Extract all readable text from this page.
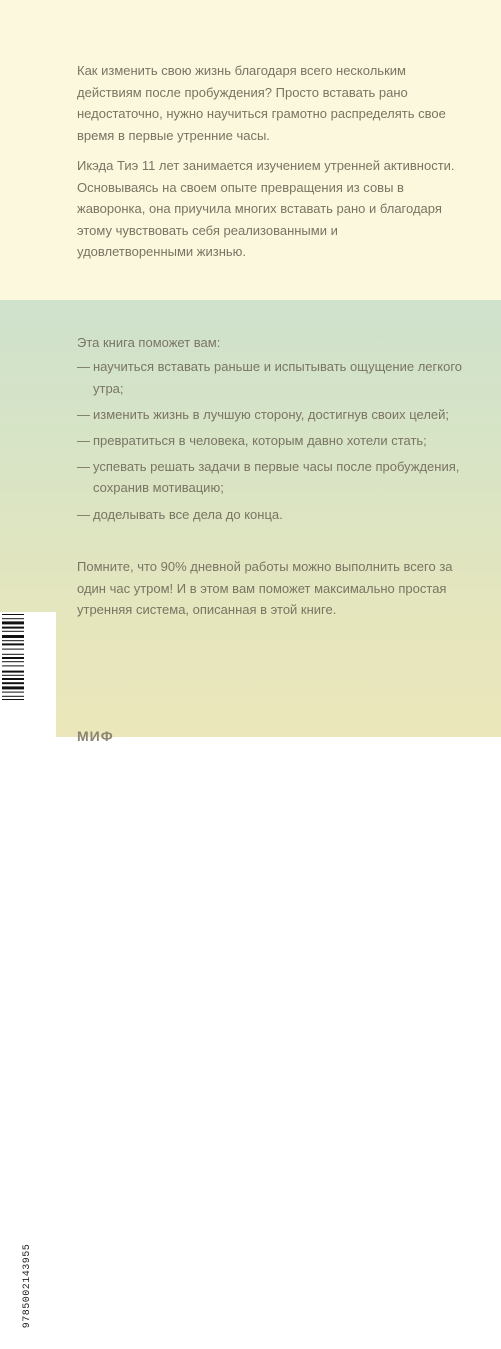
Как изменить свою жизнь благодаря всего нескольким действиям после пробуждения? Просто вставать рано недостаточно, нужно научиться грамотно распределять свое время в первые утренние часы.

Икэда Тиэ 11 лет занимается изучением утренней активности. Основываясь на своем опыте превращения из совы в жаворонка, она приучила многих вставать рано и благодаря этому чувствовать себя реализованными и удовлетворенными жизнью.

Эта книга поможет вам:

— научиться вставать раньше и испытывать ощущение легкого утра;
— изменить жизнь в лучшую сторону, достигнув своих целей;
— превратиться в человека, которым давно хотели стать;
— успевать решать задачи в первые часы после пробуждения, сохранив мотивацию;
— доделывать все дела до конца.

Помните, что 90% дневной работы можно выполнить всего за один час утром! И в этом вам поможет максимально простая утренняя система, описанная в этой книге.

9785002143955
МИФ
